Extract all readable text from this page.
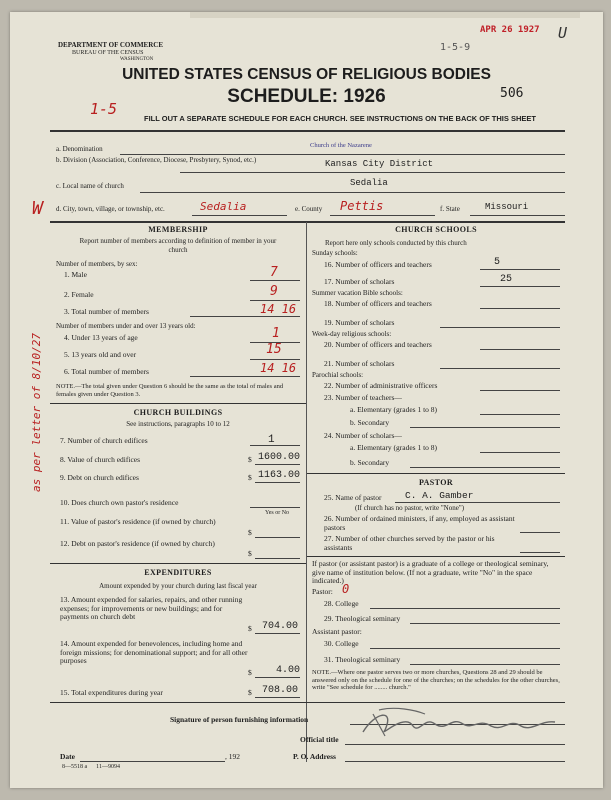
DEPARTMENT OF COMMERCE
BUREAU OF THE CENSUS
WASHINGTON
APR 26 1927
1-5-9
U
UNITED STATES CENSUS OF RELIGIOUS BODIES
SCHEDULE: 1926	506
1-5
FILL OUT A SEPARATE SCHEDULE FOR EACH CHURCH. SEE INSTRUCTIONS ON THE BACK OF THIS SHEET
a. Denomination	Church of the Nazarene
b. Division (Association, Conference, Diocese, Presbytery, Synod, etc.)	Kansas City District
c. Local name of church	Sedalia
W d. City, town, village, or township, etc.	Sedalia	e. County Pettis	f. State	Missouri
as per letter of 8/10/27
MEMBERSHIP
Report number of members according to definition of member in your church
Number of members, by sex:
1. Male	7
2. Female	9
3. Total number of members	14 16
Number of members under and over 13 years old:
4. Under 13 years of age	1
5. 13 years old and over	15
6. Total number of members	14 16
NOTE.—The total given under Question 6 should be the same as the total of males and females given under Question 3.
CHURCH BUILDINGS
See instructions, paragraphs 10 to 12
7. Number of church edifices	1
8. Value of church edifices	$ 1600.00
9. Debt on church edifices	$ 1163.00
10. Does church own pastor's residence
Yes or No
11. Value of pastor's residence (if owned by church)
$
12. Debt on pastor's residence (if owned by church)
$
EXPENDITURES
Amount expended by your church during last fiscal year
13. Amount expended for salaries, repairs, and other running expenses; for improvements or new buildings; and for payments on church debt
$ 704.00
14. Amount expended for benevolences, including home and foreign missions; for denominational support; and for all other purposes
$ 4.00
15. Total expenditures during year	$ 708.00
CHURCH SCHOOLS
Report here only schools conducted by this church
Sunday schools:
16. Number of officers and teachers	5
17. Number of scholars	25
Summer vacation Bible schools:
18. Number of officers and teachers
19. Number of scholars
Week-day religious schools:
20. Number of officers and teachers
21. Number of scholars
Parochial schools:
22. Number of administrative officers
23. Number of teachers—
a. Elementary (grades 1 to 8)
b. Secondary
24. Number of scholars—
a. Elementary (grades 1 to 8)
b. Secondary
PASTOR
25. Name of pastor C. A. Gamber
(If church has no pastor, write "None")
26. Number of ordained ministers, if any, employed as assistant pastors
27. Number of other churches served by the pastor or his assistants
If pastor (or assistant pastor) is a graduate of a college or theological seminary, give name of institution below. (If not a graduate, write "No" in the space indicated.)
Pastor: 0
28. College
29. Theological seminary
Assistant pastor:
30. College
31. Theological seminary
NOTE.—Where one pastor serves two or more churches, Questions 28 and 29 should be answered only on the schedule for one of the churches; on the schedules for the other churches, write "See schedule for ........ church."
Signature of person furnishing information
Official title
Date	, 192	P. O. Address
8—5518 a      11—9094
